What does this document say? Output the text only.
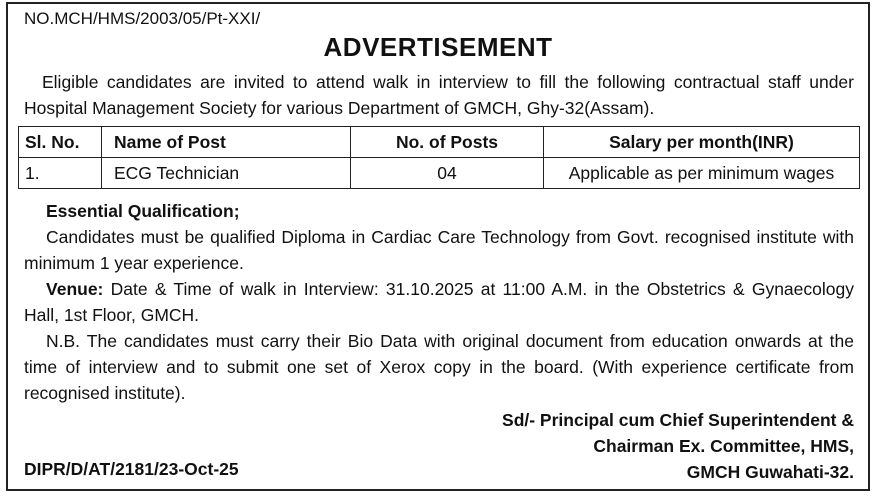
NO.MCH/HMS/2003/05/Pt-XXI/
ADVERTISEMENT
Eligible candidates are invited to attend walk in interview to fill the following contractual staff under Hospital Management Society for various Department of GMCH, Ghy-32(Assam).
Sl. No.	Name of Post	No. of Posts	Salary per month(INR)
1.	ECG Technician	04	Applicable as per minimum wages

Essential Qualification;

Candidates must be qualified Diploma in Cardiac Care Technology from Govt. recognised institute with minimum 1 year experience.

Venue: Date & Time of walk in Interview: 31.10.2025 at 11:00 A.M. in the Obstetrics & Gynaecology Hall, 1st Floor, GMCH.

N.B. The candidates must carry their Bio Data with original document from education onwards at the time of interview and to submit one set of Xerox copy in the board. (With experience certificate from recognised institute).

Sd/- Principal cum Chief Superintendent &
Chairman Ex. Committee, HMS,
GMCH Guwahati-32.
DIPR/D/AT/2181/23-Oct-25
